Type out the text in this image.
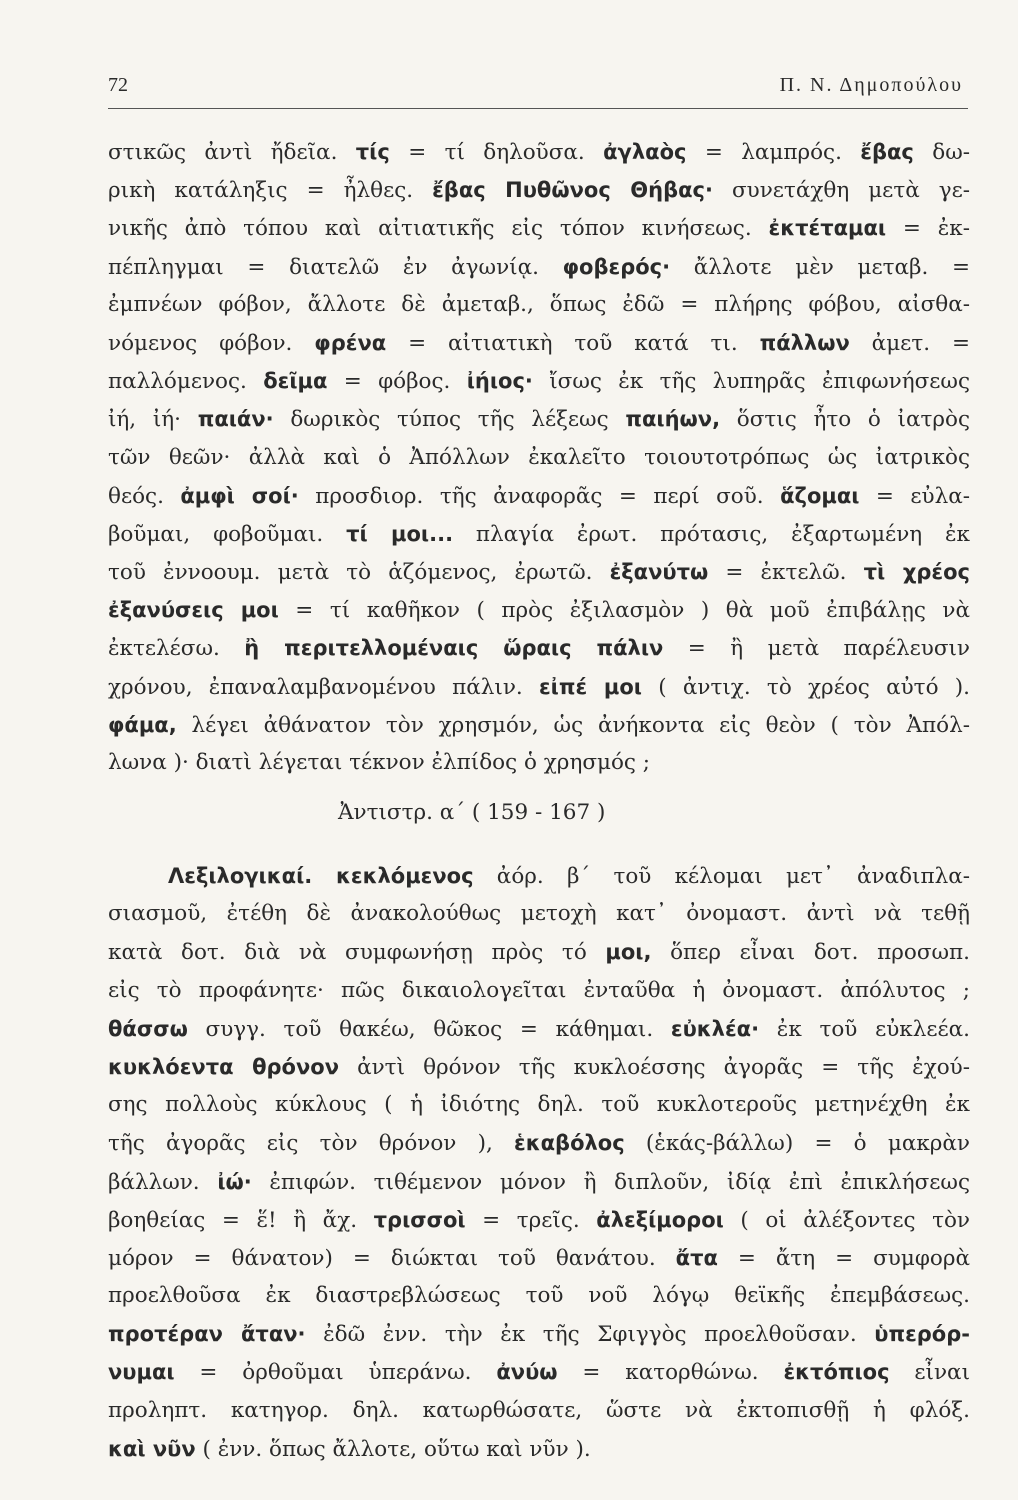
72	Π. Ν. Δημοπούλου
στικῶς ἀντὶ ἤδεῖα. τίς = τί δηλοῦσα. ἀγλαὸς = λαμπρός. ἔβας δω-
ρικὴ κατάληξις = ἦλθες. ἔβας Πυθῶνος Θήβας· συνετάχθη μετὰ γε-
νικῆς ἀπὸ τόπου καὶ αἰτιατικῆς εἰς τόπον κινήσεως. ἐκτέταμαι = ἐκ-
πέπληγμαι = διατελῶ ἐν ἀγωνίᾳ. φοβερός· ἄλλοτε μὲν μεταβ. =
ἐμπνέων φόβον, ἄλλοτε δὲ ἀμεταβ., ὅπως ἐδῶ = πλήρης φόβου, αἰσθα-
νόμενος φόβον. φρένα = αἰτιατικὴ τοῦ κατά τι. πάλλων ἀμετ. =
παλλόμενος. δεῖμα = φόβος. ἰήιος· ἴσως ἐκ τῆς λυπηρᾶς ἐπιφωνήσεως
ἰή, ἰή· παιάν· δωρικὸς τύπος τῆς λέξεως παιήων, ὅστις ἦτο ὁ ἰατρὸς
τῶν θεῶν· ἀλλὰ καὶ ὁ Ἀπόλλων ἐκαλεῖτο τοιουτοτρόπως ὡς ἰατρικὸς
θεός. ἀμφὶ σοί· προσδιορ. τῆς ἀναφορᾶς = περί σοῦ. ἅζομαι = εὐλα-
βοῦμαι, φοβοῦμαι. τί μοι... πλαγία ἐρωτ. πρότασις, ἐξαρτωμένη ἐκ
τοῦ ἐννοουμ. μετὰ τὸ ἁζόμενος, ἐρωτῶ. ἐξανύτω = ἐκτελῶ. τὶ χρέος
ἐξανύσεις μοι = τί καθῆκον ( πρὸς ἐξιλασμὸν ) θὰ μοῦ ἐπιβάλῃς νὰ
ἐκτελέσω. ἢ περιτελλομέναις ὥραις πάλιν = ἢ μετὰ παρέλευσιν
χρόνου, ἐπαναλαμβανομένου πάλιν. εἰπέ μοι ( ἀντιχ. τὸ χρέος αὐτό ).
φάμα, λέγει ἀθάνατον τὸν χρησμόν, ὡς ἀνήκοντα εἰς θεὸν ( τὸν Ἀπόλ-
λωνα )· διατὶ λέγεται τέκνον ἐλπίδος ὁ χρησμός ;
Ἀντιστρ. α΄ ( 159 - 167 )
Λεξιλογικαί. κεκλόμενος ἀόρ. β΄ τοῦ κέλομαι μετ᾽ ἀναδιπλα-
σιασμοῦ, ἐτέθη δὲ ἀνακολούθως μετοχὴ κατ᾽ ὀνομαστ. ἀντὶ νὰ τεθῇ
κατὰ δοτ. διὰ νὰ συμφωνήσῃ πρὸς τό μοι, ὅπερ εἶναι δοτ. προσωπ.
εἰς τὸ προφάνητε· πῶς δικαιολογεῖται ἐνταῦθα ἡ ὀνομαστ. ἀπόλυτος ;
θάσσω συγγ. τοῦ θακέω, θῶκος = κάθημαι. εὐκλέα· ἐκ τοῦ εὐκλεέα.
κυκλόεντα θρόνον ἀντὶ θρόνον τῆς κυκλοέσσης ἀγορᾶς = τῆς ἐχού-
σης πολλοὺς κύκλους ( ἡ ἰδιότης δηλ. τοῦ κυκλοτεροῦς μετηνέχθη ἐκ
τῆς ἀγορᾶς εἰς τὸν θρόνον ), ἑκαβόλος (ἑκάς-βάλλω) = ὁ μακρὰν
βάλλων. ἰώ· ἐπιφών. τιθέμενον μόνον ἢ διπλοῦν, ἰδίᾳ ἐπὶ ἐπικλήσεως
βοηθείας = ἕ! ἢ ἄχ. τρισσοὶ = τρεῖς. ἀλεξίμοροι ( οἱ ἀλέξοντες τὸν
μόρον = θάνατον) = διώκται τοῦ θανάτου. ἄτα = ἄτη = συμφορὰ
προελθοῦσα ἐκ διαστρεβλώσεως τοῦ νοῦ λόγῳ θεϊκῆς ἐπεμβάσεως.
προτέραν ἄταν· ἐδῶ ἐνν. τὴν ἐκ τῆς Σφιγγὸς προελθοῦσαν. ὑπερόρ-
νυμαι = ὀρθοῦμαι ὑπεράνω. ἀνύω = κατορθώνω. ἐκτόπιος εἶναι
προληπτ. κατηγορ. δηλ. κατωρθώσατε, ὥστε νὰ ἐκτοπισθῇ ἡ φλόξ.
καὶ νῦν ( ἐνν. ὅπως ἄλλοτε, οὕτω καὶ νῦν ).
